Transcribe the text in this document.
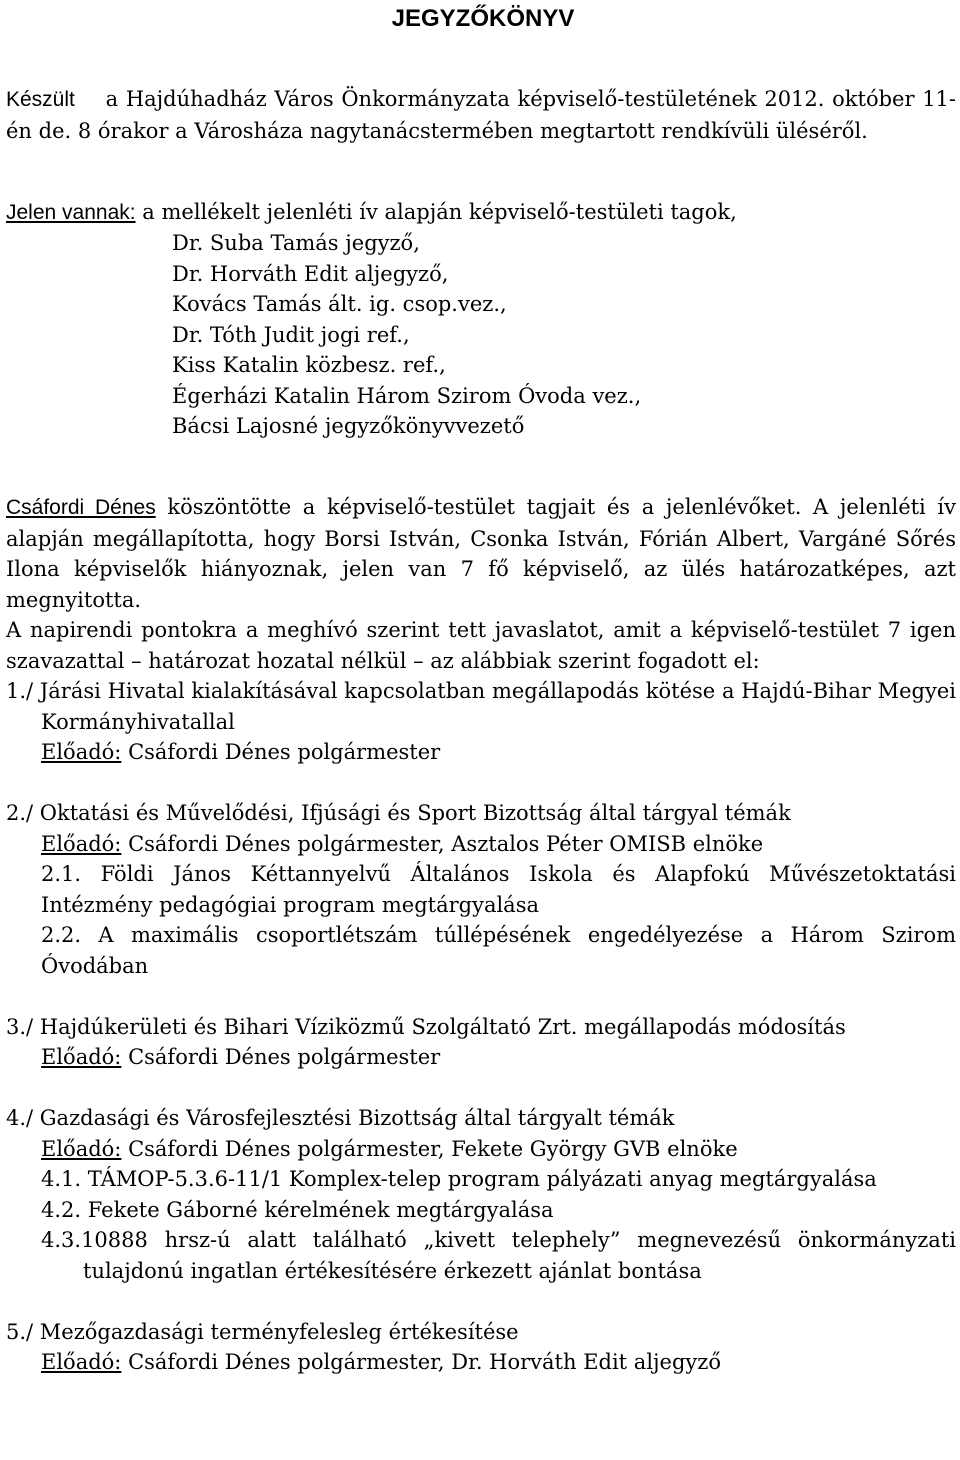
JEGYZŐKÖNYV

Készült a Hajdúhadház Város Önkormányzata képviselő-testületének 2012. október 11-én de. 8 órakor a Városháza nagytanácstermében megtartott rendkívüli üléséről.

Jelen vannak: a mellékelt jelenléti ív alapján képviselő-testületi tagok,

Dr. Suba Tamás jegyző,
Dr. Horváth Edit aljegyző,
Kovács Tamás ált. ig. csop.vez.,
Dr. Tóth Judit jogi ref.,
Kiss Katalin közbesz. ref.,
Égerházi Katalin Három Szirom Óvoda vez.,
Bácsi Lajosné jegyzőkönyvvezető

Csáfordi Dénes köszöntötte a képviselő-testület tagjait és a jelenlévőket. A jelenléti ív alapján megállapította, hogy Borsi István, Csonka István, Fórián Albert, Vargáné Sőrés Ilona képviselők hiányoznak, jelen van 7 fő képviselő, az ülés határozatképes, azt megnyitotta.

A napirendi pontokra a meghívó szerint tett javaslatot, amit a képviselő-testület 7 igen szavazattal – határozat hozatal nélkül – az alábbiak szerint fogadott el:

1./ Járási Hivatal kialakításával kapcsolatban megállapodás kötése a Hajdú-Bihar Megyei Kormányhivatallal

Előadó: Csáfordi Dénes polgármester

2./ Oktatási és Művelődési, Ifjúsági és Sport Bizottság által tárgyal témák

Előadó: Csáfordi Dénes polgármester, Asztalos Péter OMISB elnöke

2.1. Földi János Kéttannyelvű Általános Iskola és Alapfokú Művészetoktatási Intézmény pedagógiai program megtárgyalása

2.2. A maximális csoportlétszám túllépésének engedélyezése a Három Szirom Óvodában

3./ Hajdúkerületi és Bihari Víziközmű Szolgáltató Zrt. megállapodás módosítás

Előadó: Csáfordi Dénes polgármester

4./ Gazdasági és Városfejlesztési Bizottság által tárgyalt témák

Előadó: Csáfordi Dénes polgármester, Fekete György GVB elnöke

4.1. TÁMOP-5.3.6-11/1 Komplex-telep program pályázati anyag megtárgyalása

4.2. Fekete Gáborné kérelmének megtárgyalása

4.3.10888 hrsz-ú alatt található „kivett telephely” megnevezésű önkormányzati tulajdonú ingatlan értékesítésére érkezett ajánlat bontása

5./ Mezőgazdasági terményfelesleg értékesítése

Előadó: Csáfordi Dénes polgármester, Dr. Horváth Edit aljegyző
